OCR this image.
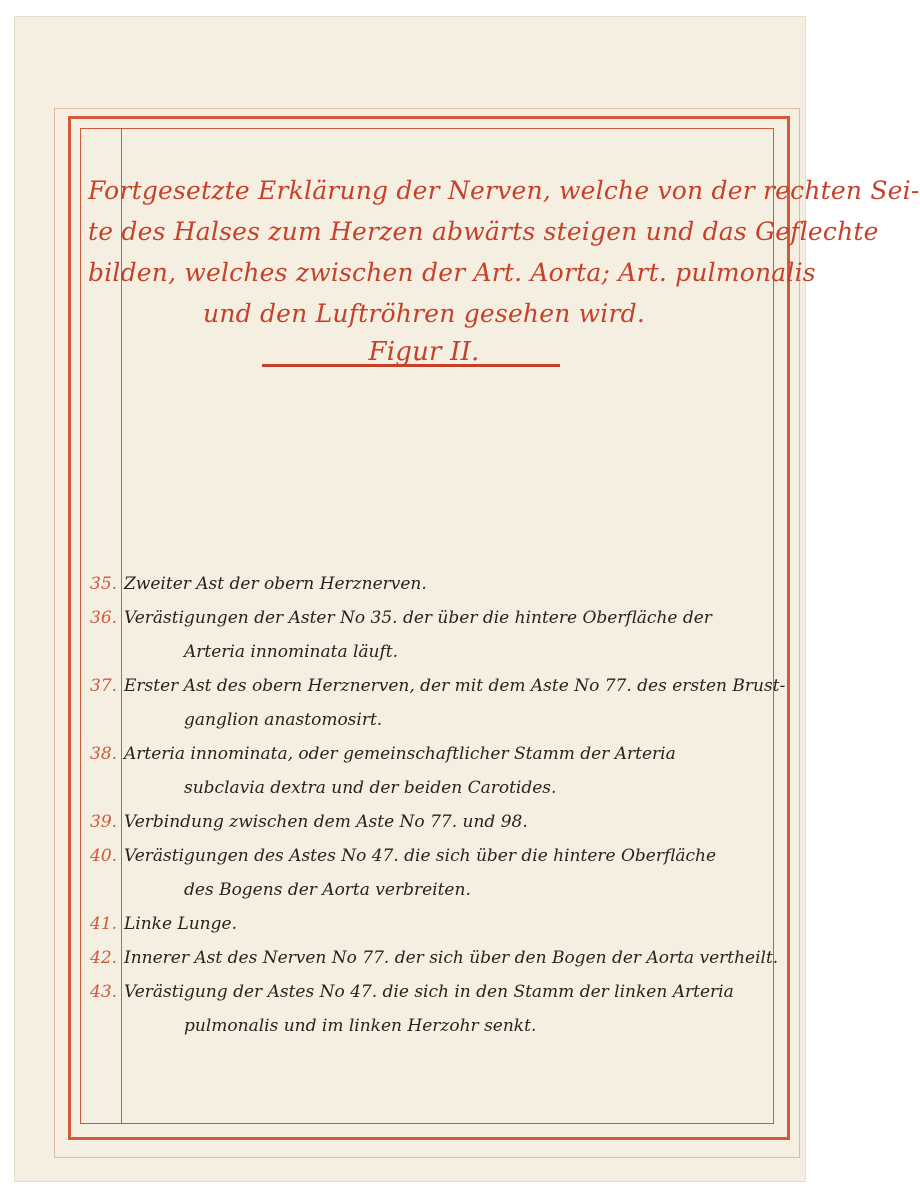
Fortgesetzte Erklärung der Nerven, welche von der rechten Sei-
te des Halses zum Herzen abwärts steigen und das Geflechte
bilden, welches zwischen der Art. Aorta; Art. pulmonalis
und den Luftröhren gesehen wird.
Figur II.
35. Zweiter Ast der obern Herznerven.
36. Verästigungen der Aster No 35. der über die hintere Oberfläche der
Arteria innominata läuft.
37. Erster Ast des obern Herznerven, der mit dem Aste No 77. des ersten Brust-
ganglion anastomosirt.
38. Arteria innominata, oder gemeinschaftlicher Stamm der Arteria
subclavia dextra und der beiden Carotides.
39. Verbindung zwischen dem Aste No 77. und 98.
40. Verästigungen des Astes No 47. die sich über die hintere Oberfläche
des Bogens der Aorta verbreiten.
41. Linke Lunge.
42. Innerer Ast des Nerven No 77. der sich über den Bogen der Aorta vertheilt.
43. Verästigung der Astes No 47. die sich in den Stamm der linken Arteria
pulmonalis und im linken Herzohr senkt.
